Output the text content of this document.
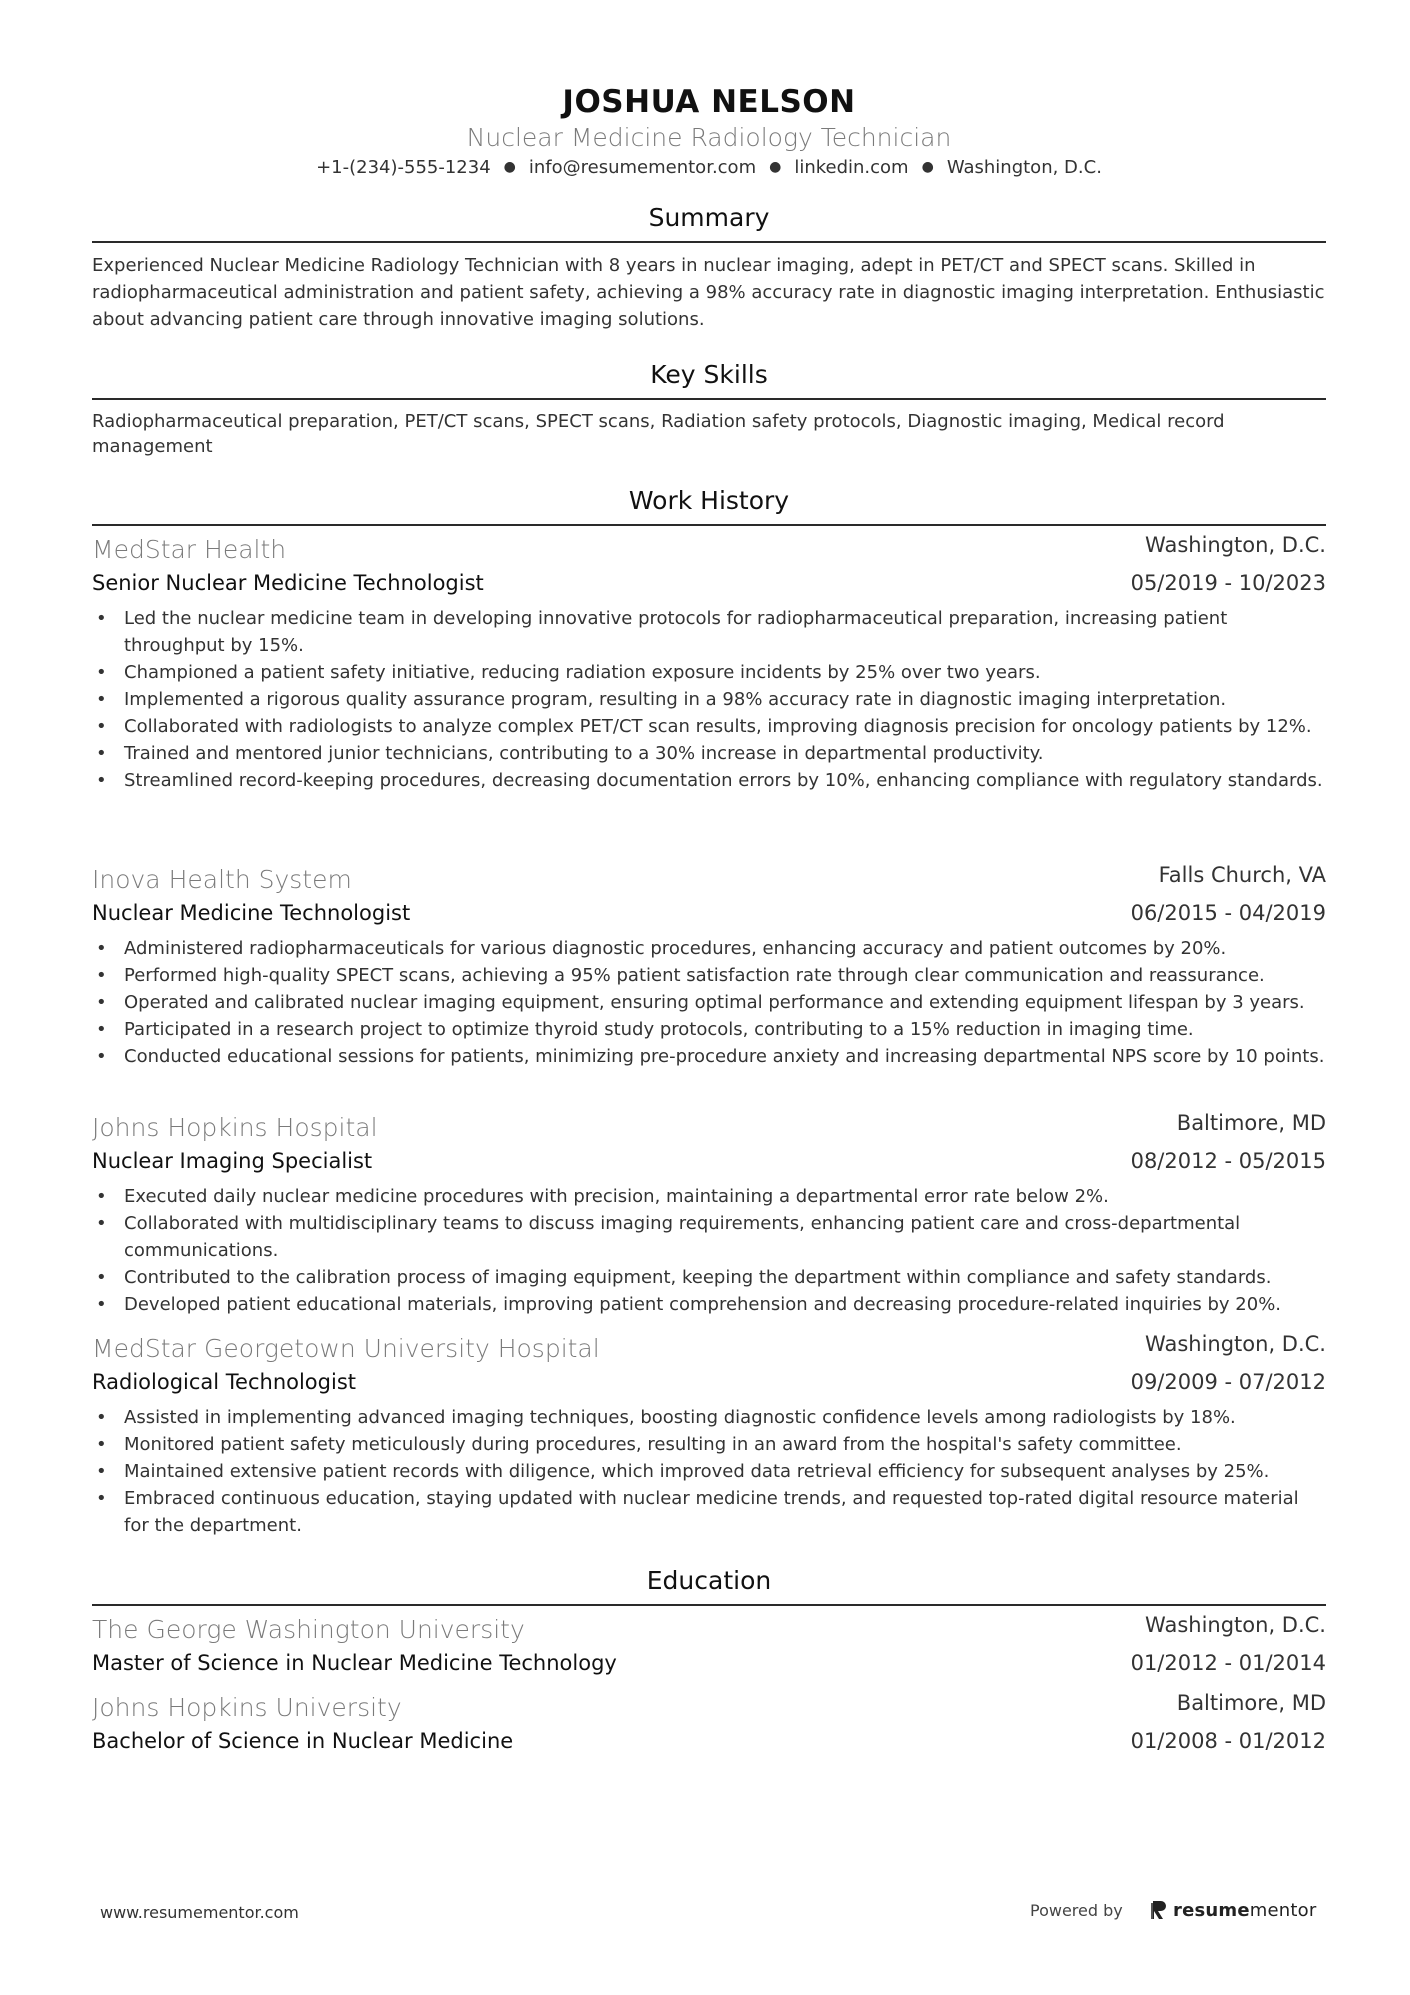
JOSHUA NELSON
Nuclear Medicine Radiology Technician
+1-(234)-555-1234 ● info@resumementor.com ● linkedin.com ● Washington, D.C.
Summary
Experienced Nuclear Medicine Radiology Technician with 8 years in nuclear imaging, adept in PET/CT and SPECT scans. Skilled in radiopharmaceutical administration and patient safety, achieving a 98% accuracy rate in diagnostic imaging interpretation. Enthusiastic about advancing patient care through innovative imaging solutions.
Key Skills
Radiopharmaceutical preparation, PET/CT scans, SPECT scans, Radiation safety protocols, Diagnostic imaging, Medical record management
Work History
MedStar Health	Washington, D.C.
Senior Nuclear Medicine Technologist	05/2019 - 10/2023
• Led the nuclear medicine team in developing innovative protocols for radiopharmaceutical preparation, increasing patient throughput by 15%.
• Championed a patient safety initiative, reducing radiation exposure incidents by 25% over two years.
• Implemented a rigorous quality assurance program, resulting in a 98% accuracy rate in diagnostic imaging interpretation.
• Collaborated with radiologists to analyze complex PET/CT scan results, improving diagnosis precision for oncology patients by 12%.
• Trained and mentored junior technicians, contributing to a 30% increase in departmental productivity.
• Streamlined record-keeping procedures, decreasing documentation errors by 10%, enhancing compliance with regulatory standards.
Inova Health System	Falls Church, VA
Nuclear Medicine Technologist	06/2015 - 04/2019
• Administered radiopharmaceuticals for various diagnostic procedures, enhancing accuracy and patient outcomes by 20%.
• Performed high-quality SPECT scans, achieving a 95% patient satisfaction rate through clear communication and reassurance.
• Operated and calibrated nuclear imaging equipment, ensuring optimal performance and extending equipment lifespan by 3 years.
• Participated in a research project to optimize thyroid study protocols, contributing to a 15% reduction in imaging time.
• Conducted educational sessions for patients, minimizing pre-procedure anxiety and increasing departmental NPS score by 10 points.
Johns Hopkins Hospital	Baltimore, MD
Nuclear Imaging Specialist	08/2012 - 05/2015
• Executed daily nuclear medicine procedures with precision, maintaining a departmental error rate below 2%.
• Collaborated with multidisciplinary teams to discuss imaging requirements, enhancing patient care and cross-departmental communications.
• Contributed to the calibration process of imaging equipment, keeping the department within compliance and safety standards.
• Developed patient educational materials, improving patient comprehension and decreasing procedure-related inquiries by 20%.
MedStar Georgetown University Hospital	Washington, D.C.
Radiological Technologist	09/2009 - 07/2012
• Assisted in implementing advanced imaging techniques, boosting diagnostic confidence levels among radiologists by 18%.
• Monitored patient safety meticulously during procedures, resulting in an award from the hospital's safety committee.
• Maintained extensive patient records with diligence, which improved data retrieval efficiency for subsequent analyses by 25%.
• Embraced continuous education, staying updated with nuclear medicine trends, and requested top-rated digital resource material for the department.
Education
The George Washington University	Washington, D.C.
Master of Science in Nuclear Medicine Technology	01/2012 - 01/2014
Johns Hopkins University	Baltimore, MD
Bachelor of Science in Nuclear Medicine	01/2008 - 01/2012
www.resumementor.com	Powered by	resumementor
